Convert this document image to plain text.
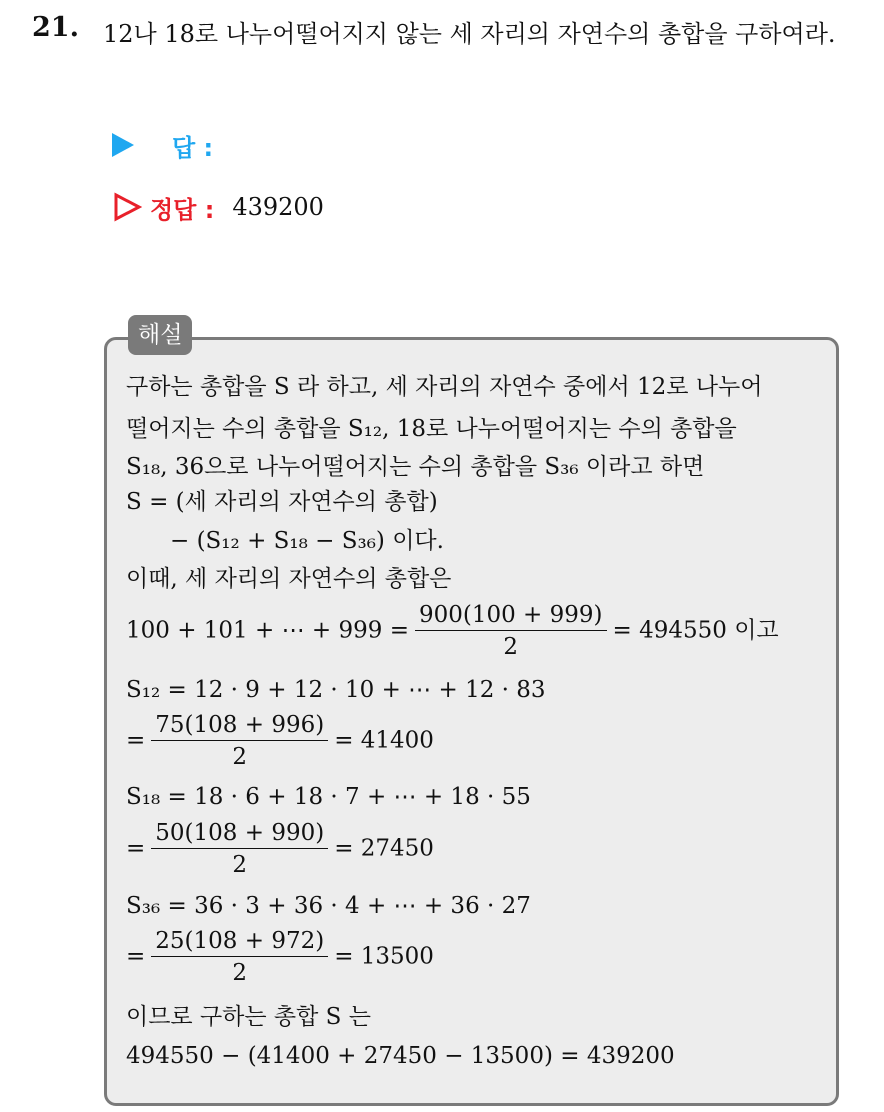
21. 12나 18로 나누어떨어지지 않는 세 자리의 자연수의 총합을 구하여라.
답 :
정답 : 439200
해설
구하는 총합을 S 라 하고, 세 자리의 자연수 중에서 12로 나누어
떨어지는 수의 총합을 S₁₂, 18로 나누어떨어지는 수의 총합을
S₁₈, 36으로 나누어떨어지는 수의 총합을 S₃₆ 이라고 하면
S = (세 자리의 자연수의 총합)
− (S₁₂ + S₁₈ − S₃₆) 이다.
이때, 세 자리의 자연수의 총합은
100 + 101 + ⋯ + $999 = \frac{900(100 + 999)}{2} = 494550$ 이고
S₁₂ = 12 · 9 + 12 · 10 + ⋯ + 12 · 83
= $\frac{75(108 + 996)}{2} = 41400$
S₁₈ = 18 · 6 + 18 · 7 + ⋯ + 18 · 55
= $\frac{50(108 + 990)}{2} = 27450$
S₃₆ = 36 · 3 + 36 · 4 + ⋯ + 36 · 27
= $\frac{25(108 + 972)}{2} = 13500$
이므로 구하는 총합 S 는
494550 − (41400 + 27450 − 13500) = 439200
